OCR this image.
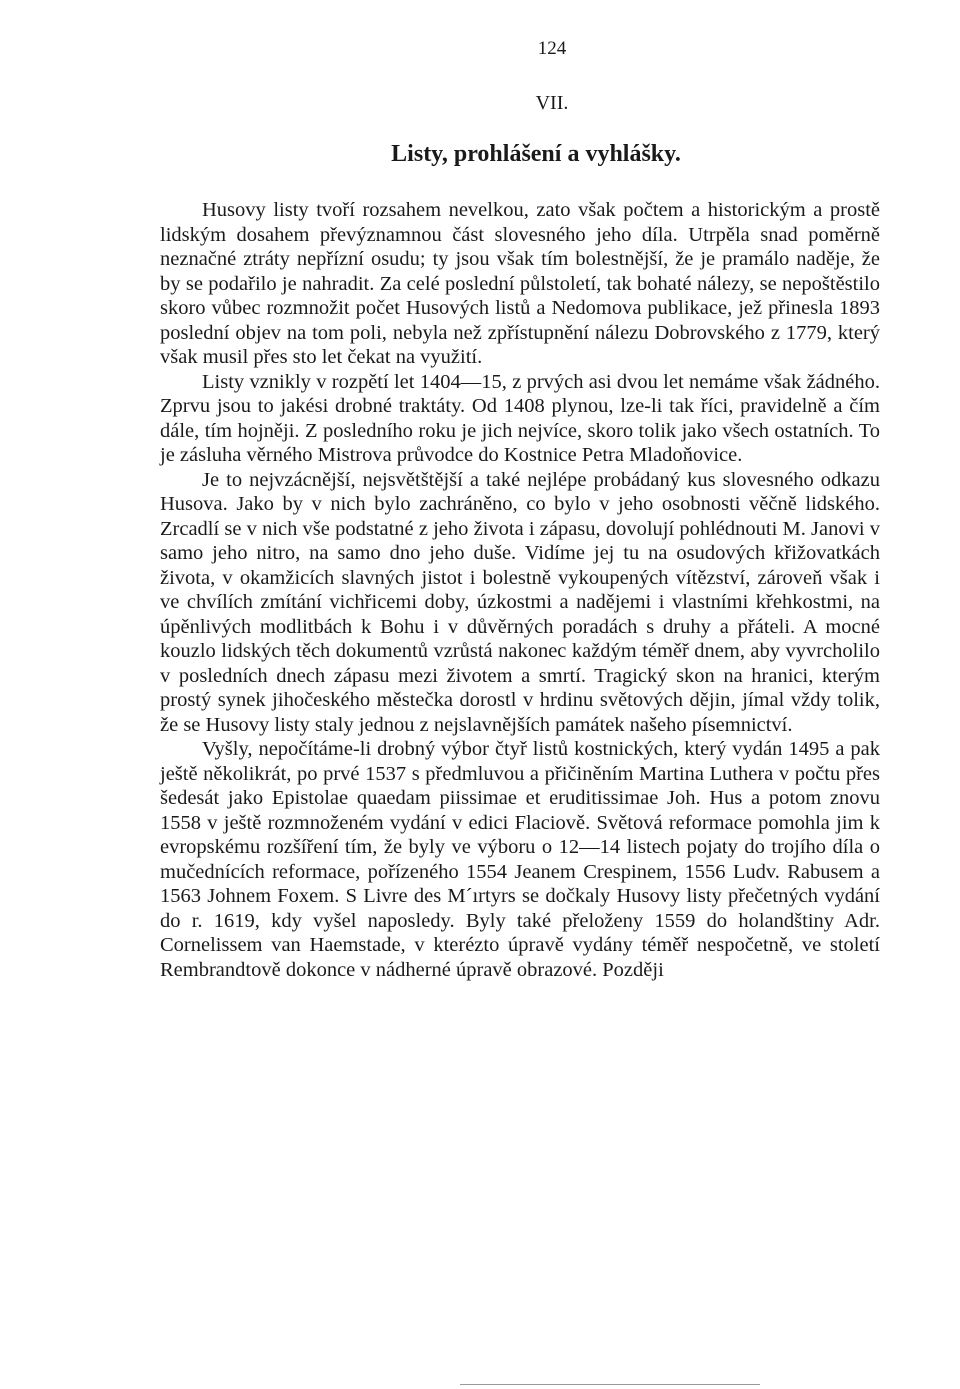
124
VII.
Listy, prohlášení a vyhlášky.

Husovy listy tvoří rozsahem nevelkou, zato však počtem a historickým a prostě lidským dosahem převýznamnou část slovesného jeho díla. Utrpěla snad poměrně neznačné ztráty nepřízní osudu; ty jsou však tím bolestnější, že je pramálo naděje, že by se podařilo je nahradit. Za celé poslední půlstoletí, tak bohaté nálezy, se nepoštěstilo skoro vůbec rozmnožit počet Husových listů a Nedomova publikace, jež přinesla 1893 poslední objev na tom poli, nebyla než zpřístupnění nálezu Dobrovského z 1779, který však musil přes sto let čekat na využití.

Listy vznikly v rozpětí let 1404—15, z prvých asi dvou let nemáme však žádného. Zprvu jsou to jakési drobné traktáty. Od 1408 plynou, lze-li tak říci, pravidelně a čím dále, tím hojněji. Z posledního roku je jich nejvíce, skoro tolik jako všech ostatních. To je zásluha věrného Mistrova průvodce do Kostnice Petra Mladoňovice.

Je to nejvzácnější, nejsvětštější a také nejlépe probádaný kus slovesného odkazu Husova. Jako by v nich bylo zachráněno, co bylo v jeho osobnosti věčně lidského. Zrcadlí se v nich vše podstatné z jeho života i zápasu, dovolují pohlédnouti M. Janovi v samo jeho nitro, na samo dno jeho duše. Vidíme jej tu na osudových křižovatkách života, v okamžicích slavných jistot i bolestně vykoupených vítězství, zároveň však i ve chvílích zmítání vichřicemi doby, úzkostmi a nadějemi i vlastními křehkostmi, na úpěnlivých modlitbách k Bohu i v důvěrných poradách s druhy a přáteli. A mocné kouzlo lidských těch dokumentů vzrůstá nakonec každým téměř dnem, aby vyvrcholilo v posledních dnech zápasu mezi životem a smrtí. Tragický skon na hranici, kterým prostý synek jihočeského městečka dorostl v hrdinu světových dějin, jímal vždy tolik, že se Husovy listy staly jednou z nejslavnějších památek našeho písemnictví.

Vyšly, nepočítáme-li drobný výbor čtyř listů kostnických, který vydán 1495 a pak ještě několikrát, po prvé 1537 s předmluvou a přičiněním Martina Luthera v počtu přes šedesát jako Epistolae quaedam piissimae et eruditissimae Joh. Hus a potom znovu 1558 v ještě rozmnoženém vydání v edici Flaciově. Světová reformace pomohla jim k evropskému rozšíření tím, že byly ve výboru o 12—14 listech pojaty do trojího díla o mučednících reformace, pořízeného 1554 Jeanem Crespinem, 1556 Ludv. Rabusem a 1563 Johnem Foxem. S Livre des M´ırtyrs se dočkaly Husovy listy přečetných vydání do r. 1619, kdy vyšel naposledy. Byly také přeloženy 1559 do holandštiny Adr. Cornelissem van Haemstade, v kterézto úpravě vydány téměř nespočetně, ve století Rembrandtově dokonce v nádherné úpravě obrazové. Později
